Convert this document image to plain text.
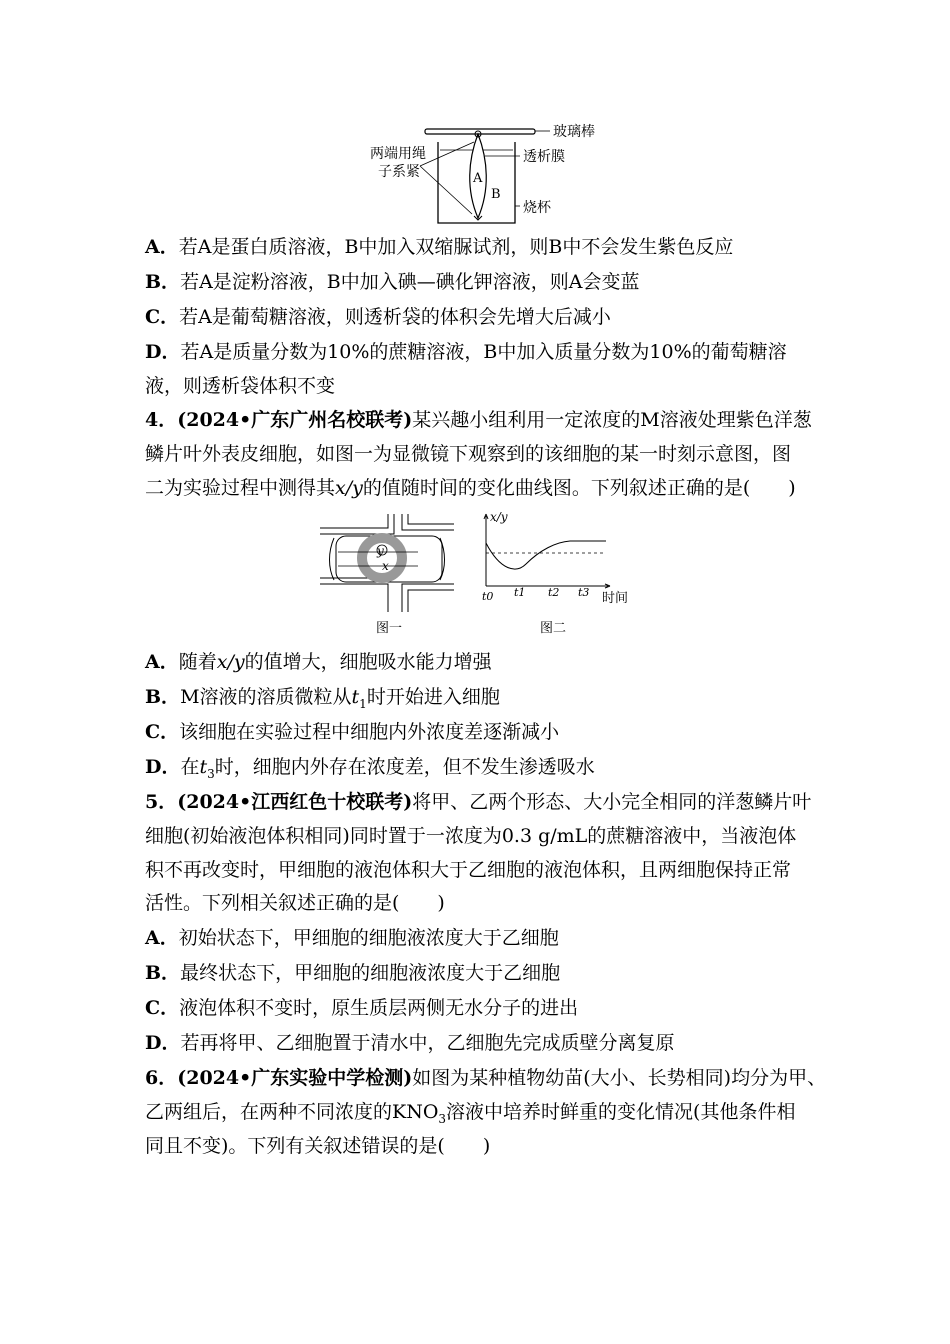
玻璃棒
透析膜
两端用绳
子系紧	A
B
烧杯
A．若A是蛋白质溶液，B中加入双缩脲试剂，则B中不会发生紫色反应
B．若A是淀粉溶液，B中加入碘—碘化钾溶液，则A会变蓝
C．若A是葡萄糖溶液，则透析袋的体积会先增大后减小
D．若A是质量分数为10%的蔗糖溶液，B中加入质量分数为10%的葡萄糖溶
液，则透析袋体积不变
4．(2024•广东广州名校联考)某兴趣小组利用一定浓度的M溶液处理紫色洋葱
鳞片叶外表皮细胞，如图一为显微镜下观察到的该细胞的某一时刻示意图，图
二为实验过程中测得其x/y的值随时间的变化曲线图。下列叙述正确的是(　　)
y
x
图一
x/y
t0 t1 t2 t3 时间
图二
A．随着x/y的值增大，细胞吸水能力增强
B．M溶液的溶质微粒从$t_1$时开始进入细胞
C．该细胞在实验过程中细胞内外浓度差逐渐减小
D．在$t_3$时，细胞内外存在浓度差，但不发生渗透吸水
5．(2024•江西红色十校联考)将甲、乙两个形态、大小完全相同的洋葱鳞片叶
细胞(初始液泡体积相同)同时置于一浓度为0.3 g/mL的蔗糖溶液中，当液泡体
积不再改变时，甲细胞的液泡体积大于乙细胞的液泡体积，且两细胞保持正常
活性。下列相关叙述正确的是(　　)
A．初始状态下，甲细胞的细胞液浓度大于乙细胞
B．最终状态下，甲细胞的细胞液浓度大于乙细胞
C．液泡体积不变时，原生质层两侧无水分子的进出
D．若再将甲、乙细胞置于清水中，乙细胞先完成质壁分离复原
6．(2024•广东实验中学检测)如图为某种植物幼苗(大小、长势相同)均分为甲、
乙两组后，在两种不同浓度的$KNO_3$溶液中培养时鲜重的变化情况(其他条件相
同且不变)。下列有关叙述错误的是(　　)
